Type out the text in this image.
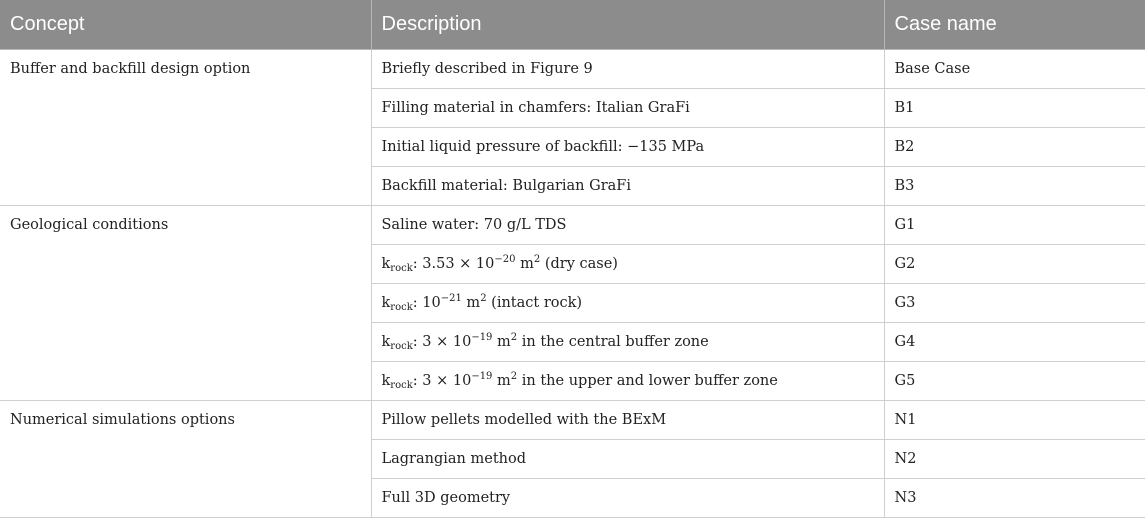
Concept	Description	Case name
Buffer and backfill design option	Briefly described in Figure 9	Base Case
	Filling material in chamfers: Italian GraFi	B1
	Initial liquid pressure of backfill: −135 MPa	B2
	Backfill material: Bulgarian GraFi	B3
Geological conditions	Saline water: 70 g/L TDS	G1
	$k_{rock}$: $3.53 \times 10^{-20}$ $m^2$ (dry case)	G2
	$k_{rock}$: $10^{-21}$ $m^2$ (intact rock)	G3
	$k_{rock}$: $3 \times 10^{-19}$ $m^2$ in the central buffer zone	G4
	$k_{rock}$: $3 \times 10^{-19}$ $m^2$ in the upper and lower buffer zone	G5
Numerical simulations options	Pillow pellets modelled with the BExM	N1
	Lagrangian method	N2
	Full 3D geometry	N3
